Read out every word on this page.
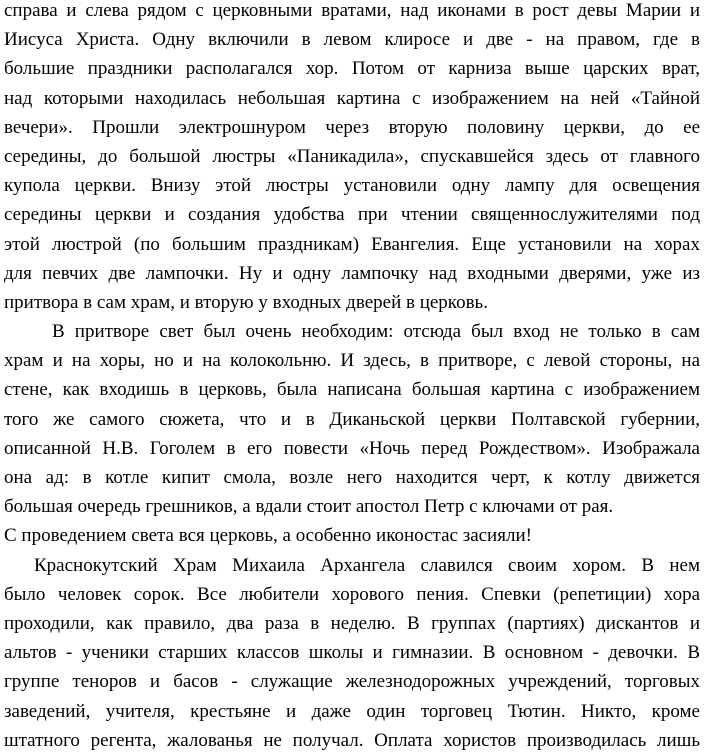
справа и слева рядом с церковными вратами, над иконами в рост девы Марии и
Иисуса Христа. Одну включили в левом клиросе и две - на правом, где в
большие праздники располагался хор. Потом от карниза выше царских врат,
над которыми находилась небольшая картина с изображением на ней «Тайной
вечери». Прошли электрошнуром через вторую половину церкви, до ее
середины, до большой люстры «Паникадила», спускавшейся здесь от главного
купола церкви. Внизу этой люстры установили одну лампу для освещения
середины церкви и создания удобства при чтении священнослужителями под
этой люстрой (по большим праздникам) Евангелия. Еще установили на хорах
для певчих две лампочки. Ну и одну лампочку над входными дверями, уже из
притвора в сам храм, и вторую у входных дверей в церковь.
В притворе свет был очень необходим: отсюда был вход не только в сам
храм и на хоры, но и на колокольню. И здесь, в притворе, с левой стороны, на
стене, как входишь в церковь, была написана большая картина с изображением
того же самого сюжета, что и в Диканьской церкви Полтавской губернии,
описанной Н.В. Гоголем в его повести «Ночь перед Рождеством». Изображала
она ад: в котле кипит смола, возле него находится черт, к котлу движется
большая очередь грешников, а вдали стоит апостол Петр с ключами от рая.
С проведением света вся церковь, а особенно иконостас засияли!
Краснокутский Храм Михаила Архангела славился своим хором. В нем
было человек сорок. Все любители хорового пения. Спевки (репетиции) хора
проходили, как правило, два раза в неделю. В группах (партиях) дискантов и
альтов - ученики старших классов школы и гимназии. В основном - девочки. В
группе теноров и басов - служащие железнодорожных учреждений, торговых
заведений, учителя, крестьяне и даже один торговец Тютин. Никто, кроме
штатного регента, жалованья не получал. Оплата хористов производилась лишь
